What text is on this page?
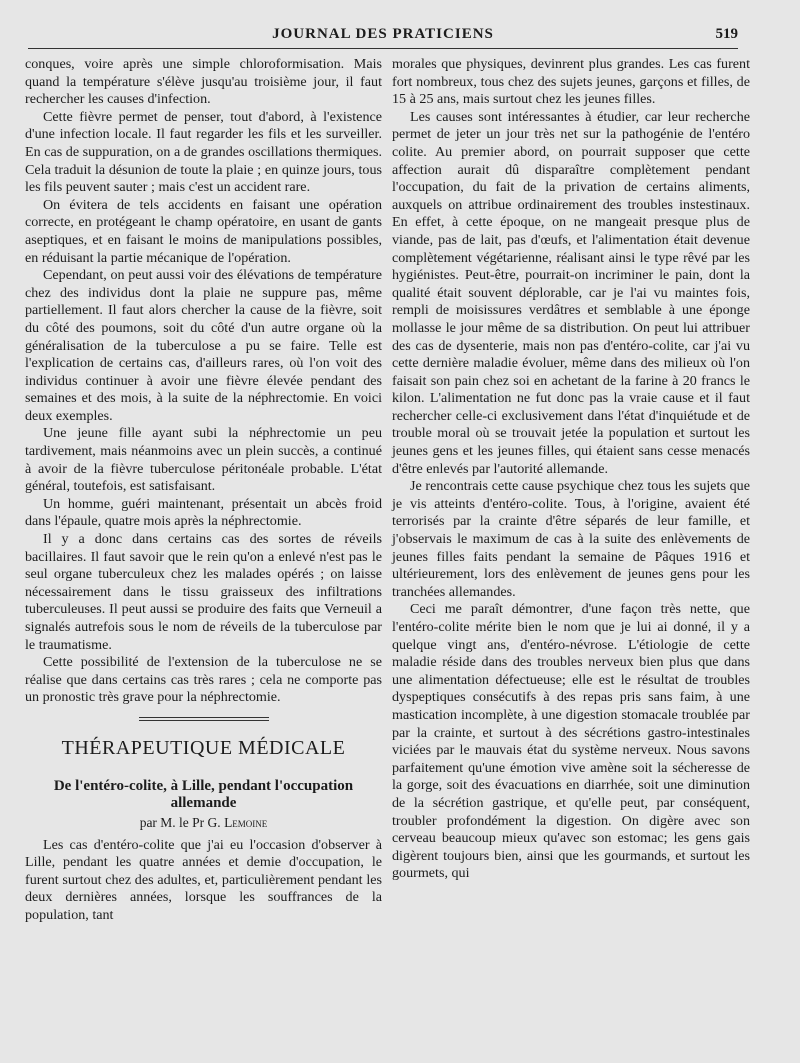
JOURNAL DES PRATICIENS	519

conques, voire après une simple chloroformisation. Mais quand la température s'élève jusqu'au troisième jour, il faut rechercher les causes d'infection.

Cette fièvre permet de penser, tout d'abord, à l'existence d'une infection locale. Il faut regarder les fils et les surveiller. En cas de suppuration, on a de grandes oscillations thermiques. Cela traduit la désunion de toute la plaie ; en quinze jours, tous les fils peuvent sauter ; mais c'est un accident rare.

On évitera de tels accidents en faisant une opération correcte, en protégeant le champ opératoire, en usant de gants aseptiques, et en faisant le moins de manipulations possibles, en réduisant la partie mécanique de l'opération.

Cependant, on peut aussi voir des élévations de température chez des individus dont la plaie ne suppure pas, même partiellement. Il faut alors chercher la cause de la fièvre, soit du côté des poumons, soit du côté d'un autre organe où la généralisation de la tuberculose a pu se faire. Telle est l'explication de certains cas, d'ailleurs rares, où l'on voit des individus continuer à avoir une fièvre élevée pendant des semaines et des mois, à la suite de la néphrectomie. En voici deux exemples.

Une jeune fille ayant subi la néphrectomie un peu tardivement, mais néanmoins avec un plein succès, a continué à avoir de la fièvre tuberculose péritonéale probable. L'état général, toutefois, est satisfaisant.

Un homme, guéri maintenant, présentait un abcès froid dans l'épaule, quatre mois après la néphrectomie.

Il y a donc dans certains cas des sortes de réveils bacillaires. Il faut savoir que le rein qu'on a enlevé n'est pas le seul organe tuberculeux chez les malades opérés ; on laisse nécessairement dans le tissu graisseux des infiltrations tuberculeuses. Il peut aussi se produire des faits que Verneuil a signalés autrefois sous le nom de réveils de la tuberculose par le traumatisme.

Cette possibilité de l'extension de la tuberculose ne se réalise que dans certains cas très rares ; cela ne comporte pas un pronostic très grave pour la néphrectomie.

THÉRAPEUTIQUE MÉDICALE
De l'entéro-colite, à Lille, pendant l'occupation allemande
par M. le Pr G. Lemoine

Les cas d'entéro-colite que j'ai eu l'occasion d'observer à Lille, pendant les quatre années et demie d'occupation, le furent surtout chez des adultes, et, particulièrement pendant les deux dernières années, lorsque les souffrances de la population, tant

morales que physiques, devinrent plus grandes. Les cas furent fort nombreux, tous chez des sujets jeunes, garçons et filles, de 15 à 25 ans, mais surtout chez les jeunes filles.

Les causes sont intéressantes à étudier, car leur recherche permet de jeter un jour très net sur la pathogénie de l'entéro colite. Au premier abord, on pourrait supposer que cette affection aurait dû disparaître complètement pendant l'occupation, du fait de la privation de certains aliments, auxquels on attribue ordinairement des troubles instestinaux. En effet, à cette époque, on ne mangeait presque plus de viande, pas de lait, pas d'œufs, et l'alimentation était devenue complètement végétarienne, réalisant ainsi le type rêvé par les hygiénistes. Peut-être, pourrait-on incriminer le pain, dont la qualité était souvent déplorable, car je l'ai vu maintes fois, rempli de moisissures verdâtres et semblable à une éponge mollasse le jour même de sa distribution. On peut lui attribuer des cas de dysenterie, mais non pas d'entéro-colite, car j'ai vu cette dernière maladie évoluer, même dans des milieux où l'on faisait son pain chez soi en achetant de la farine à 20 francs le kilon. L'alimentation ne fut donc pas la vraie cause et il faut rechercher celle-ci exclusivement dans l'état d'inquiétude et de trouble moral où se trouvait jetée la population et surtout les jeunes gens et les jeunes filles, qui étaient sans cesse menacés d'être enlevés par l'autorité allemande.

Je rencontrais cette cause psychique chez tous les sujets que je vis atteints d'entéro-colite. Tous, à l'origine, avaient été terrorisés par la crainte d'être séparés de leur famille, et j'observais le maximum de cas à la suite des enlèvements de jeunes filles faits pendant la semaine de Pâques 1916 et ultérieurement, lors des enlèvement de jeunes gens pour les tranchées allemandes.

Ceci me paraît démontrer, d'une façon très nette, que l'entéro-colite mérite bien le nom que je lui ai donné, il y a quelque vingt ans, d'entéro-névrose. L'étiologie de cette maladie réside dans des troubles nerveux bien plus que dans une alimentation défectueuse; elle est le résultat de troubles dyspeptiques consécutifs à des repas pris sans faim, à une mastication incomplète, à une digestion stomacale troublée par par la crainte, et surtout à des sécrétions gastro-intestinales viciées par le mauvais état du système nerveux. Nous savons parfaitement qu'une émotion vive amène soit la sécheresse de la gorge, soit des évacuations en diarrhée, soit une diminution de la sécrétion gastrique, et qu'elle peut, par conséquent, troubler profondément la digestion. On digère avec son cerveau beaucoup mieux qu'avec son estomac; les gens gais digèrent toujours bien, ainsi que les gourmands, et surtout les gourmets, qui
